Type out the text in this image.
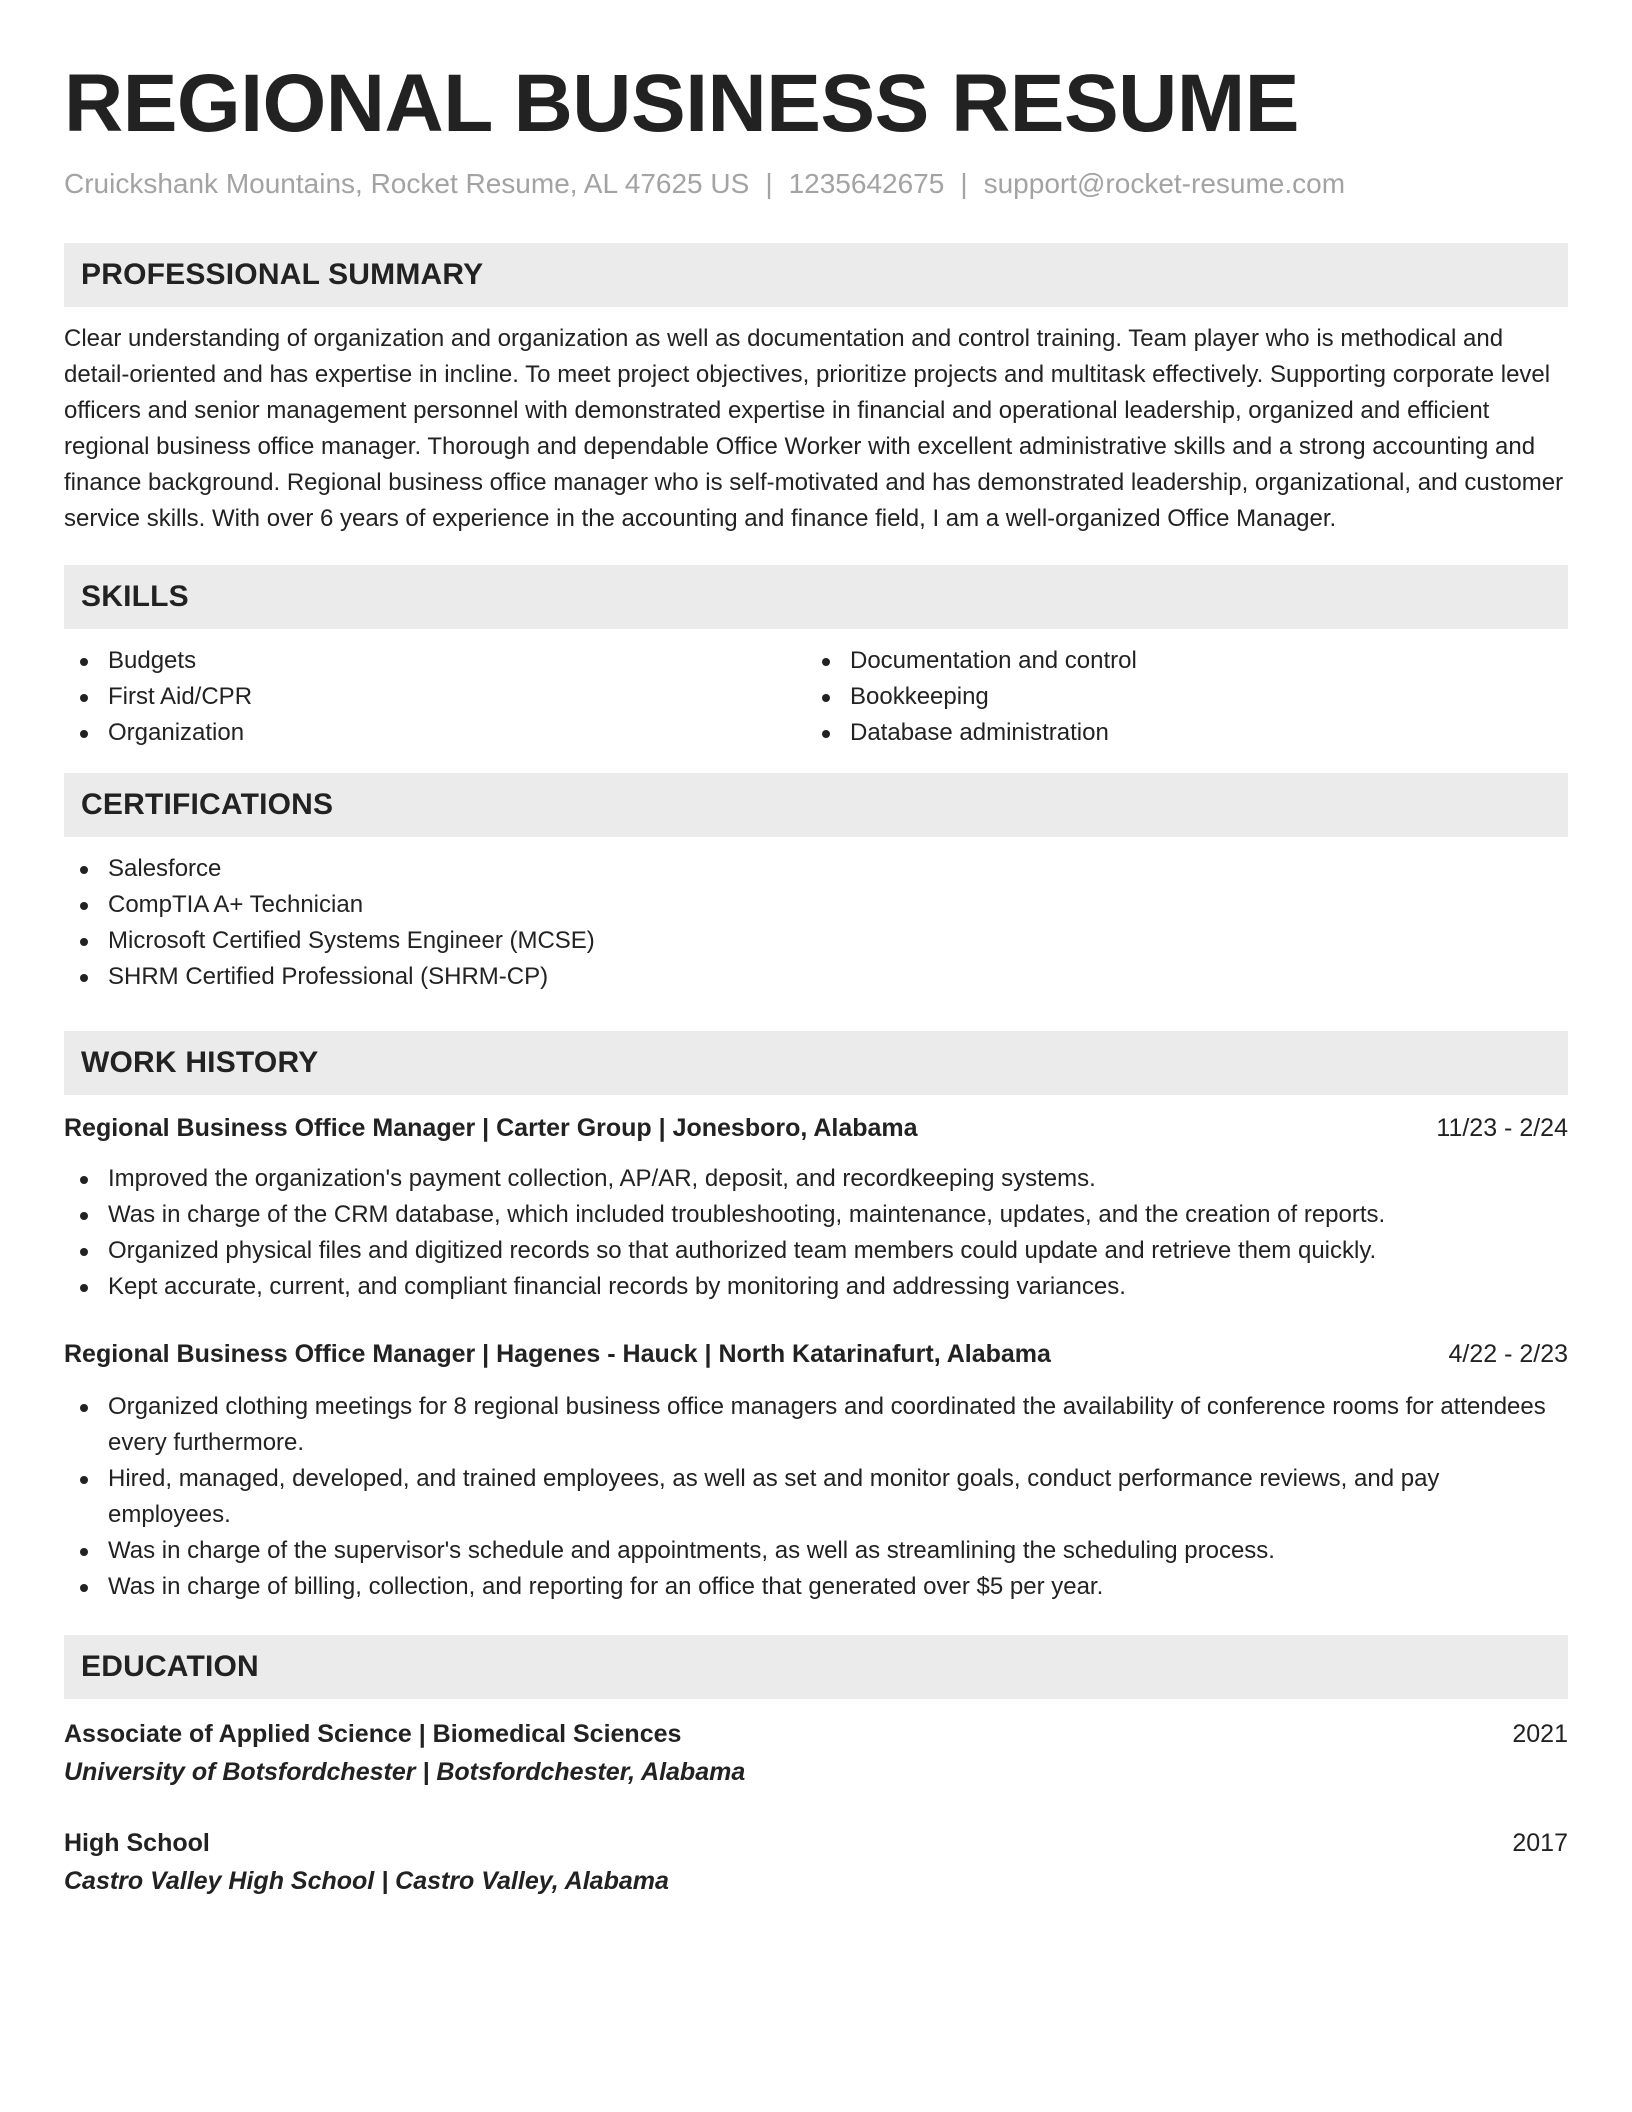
REGIONAL BUSINESS RESUME
Cruickshank Mountains, Rocket Resume, AL 47625 US | 1235642675 | support@rocket-resume.com
PROFESSIONAL SUMMARY

Clear understanding of organization and organization as well as documentation and control training. Team player who is methodical and detail-oriented and has expertise in incline. To meet project objectives, prioritize projects and multitask effectively. Supporting corporate level officers and senior management personnel with demonstrated expertise in financial and operational leadership, organized and efficient regional business office manager. Thorough and dependable Office Worker with excellent administrative skills and a strong accounting and finance background. Regional business office manager who is self-motivated and has demonstrated leadership, organizational, and customer service skills. With over 6 years of experience in the accounting and finance field, I am a well-organized Office Manager.

SKILLS
Budgets
First Aid/CPR
Organization
Documentation and control
Bookkeeping
Database administration
CERTIFICATIONS
Salesforce
CompTIA A+ Technician
Microsoft Certified Systems Engineer (MCSE)
SHRM Certified Professional (SHRM-CP)
WORK HISTORY
Regional Business Office Manager | Carter Group | Jonesboro, Alabama	11/23 - 2/24
Improved the organization's payment collection, AP/AR, deposit, and recordkeeping systems.
Was in charge of the CRM database, which included troubleshooting, maintenance, updates, and the creation of reports.
Organized physical files and digitized records so that authorized team members could update and retrieve them quickly.
Kept accurate, current, and compliant financial records by monitoring and addressing variances.
Regional Business Office Manager | Hagenes - Hauck | North Katarinafurt, Alabama	4/22 - 2/23
Organized clothing meetings for 8 regional business office managers and coordinated the availability of conference rooms for attendees every furthermore.
Hired, managed, developed, and trained employees, as well as set and monitor goals, conduct performance reviews, and pay employees.
Was in charge of the supervisor's schedule and appointments, as well as streamlining the scheduling process.
Was in charge of billing, collection, and reporting for an office that generated over $5 per year.
EDUCATION
Associate of Applied Science | Biomedical Sciences	2021
University of Botsfordchester | Botsfordchester, Alabama
High School	2017
Castro Valley High School | Castro Valley, Alabama
